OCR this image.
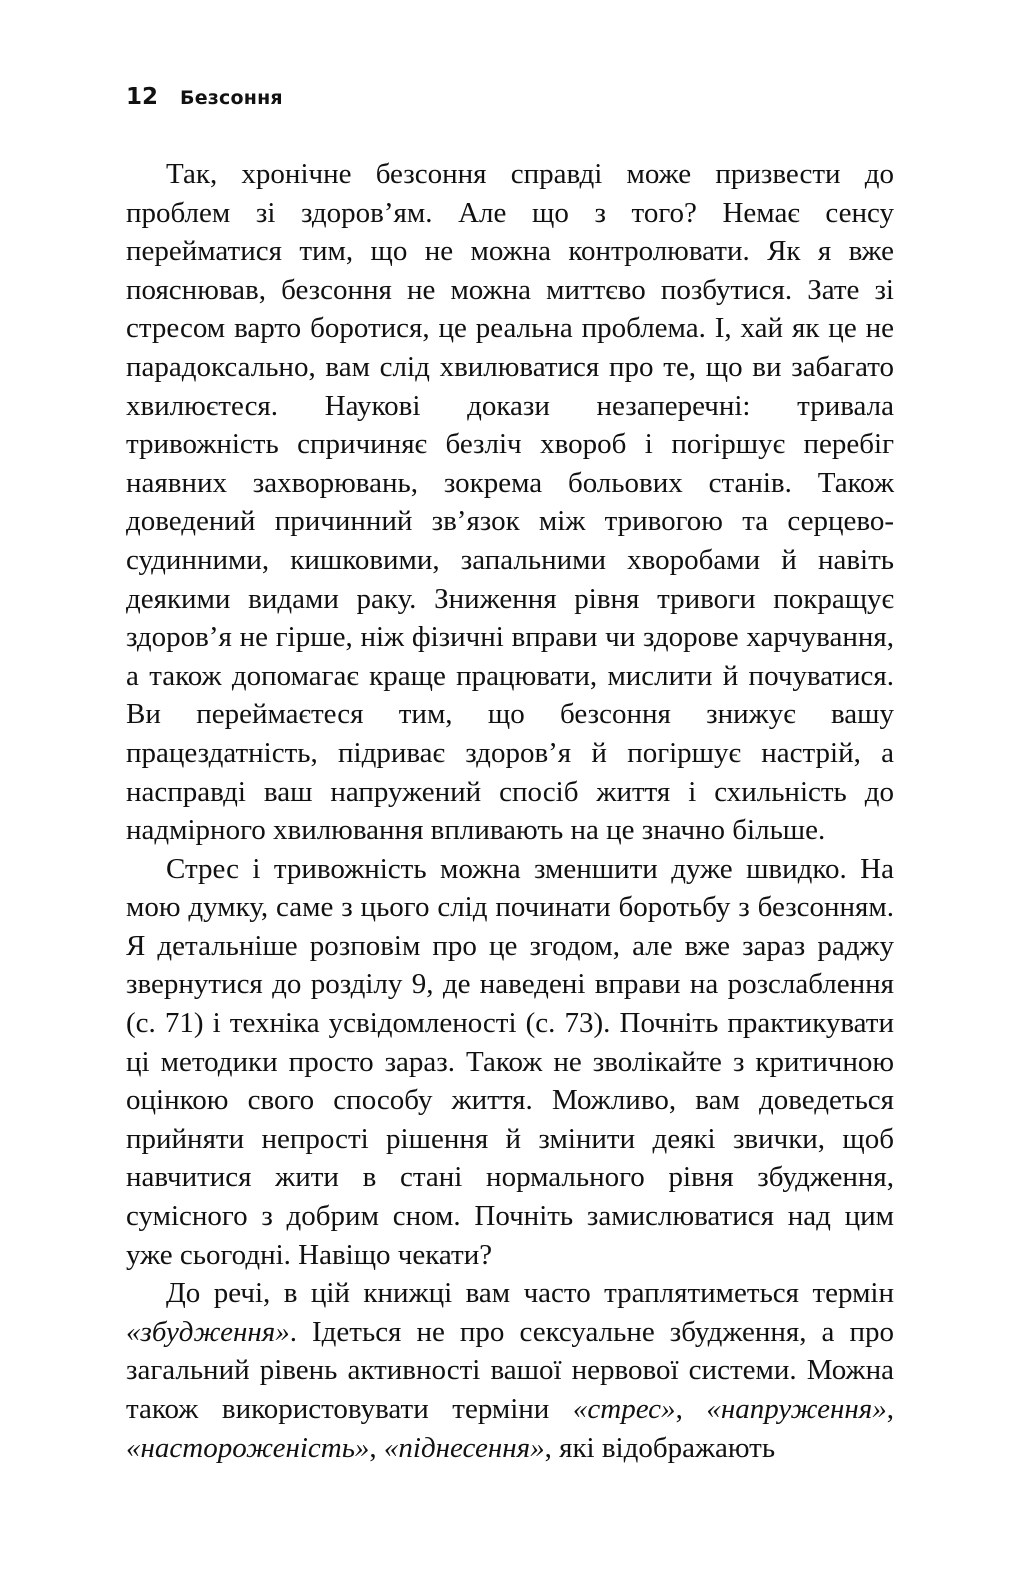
12 Безсоння

Так, хронічне безсоння справді може призвести до проблем зі здоров’ям. Але що з того? Немає сенсу перейматися тим, що не можна контролювати. Як я вже пояснював, безсоння не можна миттєво позбутися. Зате зі стресом варто боротися, це реальна проблема. І, хай як це не парадоксально, вам слід хвилюватися про те, що ви забагато хвилюєтеся. Наукові докази незаперечні: тривала тривожність спричиняє безліч хвороб і погіршує перебіг наявних захворювань, зокрема больових станів. Також доведений причинний зв’язок між тривогою та серцево-судинними, кишковими, запальними хворобами й навіть деякими видами раку. Зниження рівня тривоги покращує здоров’я не гірше, ніж фізичні вправи чи здорове харчування, а також допомагає краще працювати, мислити й почуватися. Ви переймаєтеся тим, що безсоння знижує вашу працездатність, підриває здоров’я й погіршує настрій, а насправді ваш напружений спосіб життя і схильність до надмірного хвилювання впливають на це значно більше.

Стрес і тривожність можна зменшити дуже швидко. На мою думку, саме з цього слід починати боротьбу з безсонням. Я детальніше розповім про це згодом, але вже зараз раджу звернутися до розділу 9, де наведені вправи на розслаблення (с. 71) і техніка усвідомленості (с. 73). Почніть практикувати ці методики просто зараз. Також не зволікайте з критичною оцінкою свого способу життя. Можливо, вам доведеться прийняти непрості рішення й змінити деякі звички, щоб навчитися жити в стані нормального рівня збудження, сумісного з добрим сном. Почніть замислюватися над цим уже сьогодні. Навіщо чекати?

До речі, в цій книжці вам часто траплятиметься термін «збудження». Ідеться не про сексуальне збудження, а про загальний рівень активності вашої нервової системи. Можна також використовувати терміни «стрес», «напруження», «настороженість», «піднесення», які відображають
